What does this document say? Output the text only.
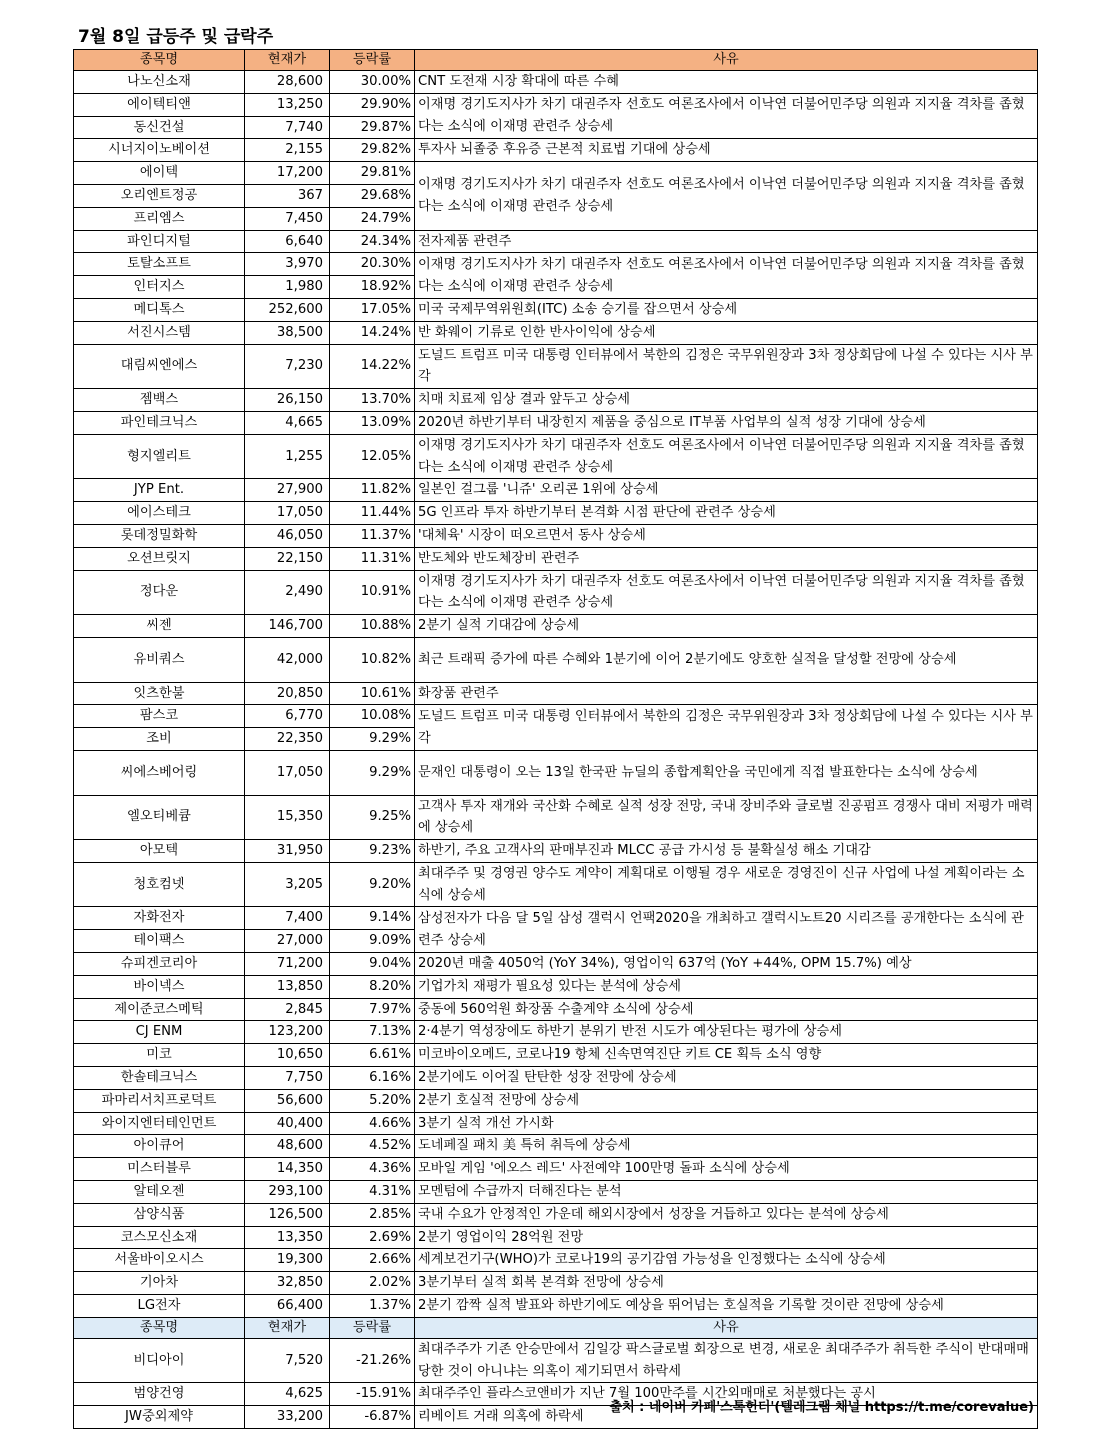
7월 8일 급등주 및 급락주
종목명	현재가	등락률	사유
나노신소재	28,600	30.00%	CNT 도전재 시장 확대에 따른 수혜
에이텍티앤	13,250	29.90%	이재명 경기도지사가 차기 대권주자 선호도 여론조사에서 이낙연 더불어민주당 의원과 지지율 격차를 좁혔다는 소식에 이재명 관련주 상승세
동신건설	7,740	29.87%	
시너지이노베이션	2,155	29.82%	투자사 뇌졸중 후유증 근본적 치료법 기대에 상승세
에이텍	17,200	29.81%	이재명 경기도지사가 차기 대권주자 선호도 여론조사에서 이낙연 더불어민주당 의원과 지지율 격차를 좁혔다는 소식에 이재명 관련주 상승세
오리엔트정공	367	29.68%	
프리엠스	7,450	24.79%	
파인디지털	6,640	24.34%	전자제품 관련주
토탈소프트	3,970	20.30%	이재명 경기도지사가 차기 대권주자 선호도 여론조사에서 이낙연 더불어민주당 의원과 지지율 격차를 좁혔다는 소식에 이재명 관련주 상승세
인터지스	1,980	18.92%	
메디톡스	252,600	17.05%	미국 국제무역위원회(ITC) 소송 승기를 잡으면서 상승세
서진시스템	38,500	14.24%	반 화웨이 기류로 인한 반사이익에 상승세
대림씨엔에스	7,230	14.22%	도널드 트럼프 미국 대통령 인터뷰에서 북한의 김정은 국무위원장과 3차 정상회담에 나설 수 있다는 시사 부각
젬백스	26,150	13.70%	치매 치료제 임상 결과 앞두고 상승세
파인테크닉스	4,665	13.09%	2020년 하반기부터 내장힌지 제품을 중심으로 IT부품 사업부의 실적 성장 기대에 상승세
형지엘리트	1,255	12.05%	이재명 경기도지사가 차기 대권주자 선호도 여론조사에서 이낙연 더불어민주당 의원과 지지율 격차를 좁혔다는 소식에 이재명 관련주 상승세
JYP Ent.	27,900	11.82%	일본인 걸그룹 '니쥬' 오리콘 1위에 상승세
에이스테크	17,050	11.44%	5G 인프라 투자 하반기부터 본격화 시점 판단에 관련주 상승세
롯데정밀화학	46,050	11.37%	'대체육' 시장이 떠오르면서 동사 상승세
오션브릿지	22,150	11.31%	반도체와 반도체장비 관련주
정다운	2,490	10.91%	이재명 경기도지사가 차기 대권주자 선호도 여론조사에서 이낙연 더불어민주당 의원과 지지율 격차를 좁혔다는 소식에 이재명 관련주 상승세
씨젠	146,700	10.88%	2분기 실적 기대감에 상승세
유비쿼스	42,000	10.82%	최근 트래픽 증가에 따른 수혜와 1분기에 이어 2분기에도 양호한 실적을 달성할 전망에 상승세
잇츠한불	20,850	10.61%	화장품 관련주
팜스코	6,770	10.08%	도널드 트럼프 미국 대통령 인터뷰에서 북한의 김정은 국무위원장과 3차 정상회담에 나설 수 있다는 시사 부각
조비	22,350	9.29%	
씨에스베어링	17,050	9.29%	문재인 대통령이 오는 13일 한국판 뉴딜의 종합계획안을 국민에게 직접 발표한다는 소식에 상승세
엘오티베큠	15,350	9.25%	고객사 투자 재개와 국산화 수혜로 실적 성장 전망, 국내 장비주와 글로벌 진공펌프 경쟁사 대비 저평가 매력에 상승세
아모텍	31,950	9.23%	하반기, 주요 고객사의 판매부진과 MLCC 공급 가시성 등 불확실성 해소 기대감
청호컴넷	3,205	9.20%	최대주주 및 경영권 양수도 계약이 계획대로 이행될 경우 새로운 경영진이 신규 사업에 나설 계획이라는 소식에 상승세
자화전자	7,400	9.14%	삼성전자가 다음 달 5일 삼성 갤럭시 언팩2020을 개최하고 갤럭시노트20 시리즈를 공개한다는 소식에 관련주 상승세
테이팩스	27,000	9.09%	
슈피겐코리아	71,200	9.04%	2020년 매출 4050억 (YoY 34%), 영업이익 637억 (YoY +44%, OPM 15.7%) 예상
바이넥스	13,850	8.20%	기업가치 재평가 필요성 있다는 분석에 상승세
제이준코스메틱	2,845	7.97%	중동에 560억원 화장품 수출계약 소식에 상승세
CJ ENM	123,200	7.13%	2·4분기 역성장에도 하반기 분위기 반전 시도가 예상된다는 평가에 상승세
미코	10,650	6.61%	미코바이오메드, 코로나19 항체 신속면역진단 키트 CE 획득 소식 영향
한솔테크닉스	7,750	6.16%	2분기에도 이어질 탄탄한 성장 전망에 상승세
파마리서치프로덕트	56,600	5.20%	2분기 호실적 전망에 상승세
와이지엔터테인먼트	40,400	4.66%	3분기 실적 개선 가시화
아이큐어	48,600	4.52%	도네페질 패치 美 특허 취득에 상승세
미스터블루	14,350	4.36%	모바일 게임 '에오스 레드' 사전예약 100만명 돌파 소식에 상승세
알테오젠	293,100	4.31%	모멘텀에 수급까지 더해진다는 분석
삼양식품	126,500	2.85%	국내 수요가 안정적인 가운데 해외시장에서 성장을 거듭하고 있다는 분석에 상승세
코스모신소재	13,350	2.69%	2분기 영업이익 28억원 전망
서울바이오시스	19,300	2.66%	세계보건기구(WHO)가 코로나19의 공기감염 가능성을 인정했다는 소식에 상승세
기아차	32,850	2.02%	3분기부터 실적 회복 본격화 전망에 상승세
LG전자	66,400	1.37%	2분기 깜짝 실적 발표와 하반기에도 예상을 뛰어넘는 호실적을 기록할 것이란 전망에 상승세
종목명	현재가	등락률	사유
비디아이	7,520	-21.26%	최대주주가 기존 안승만에서 김일강 팍스글로벌 회장으로 변경, 새로운 최대주주가 취득한 주식이 반대매매 당한 것이 아니냐는 의혹이 제기되면서 하락세
범양건영	4,625	-15.91%	최대주주인 플라스코앤비가 지난 7월 100만주를 시간외매매로 처분했다는 공시
JW중외제약	33,200	-6.87%	리베이트 거래 의혹에 하락세
출처 : 네이버 카페'스톡헌터'(텔레그램 채널 https://t.me/corevalue)
